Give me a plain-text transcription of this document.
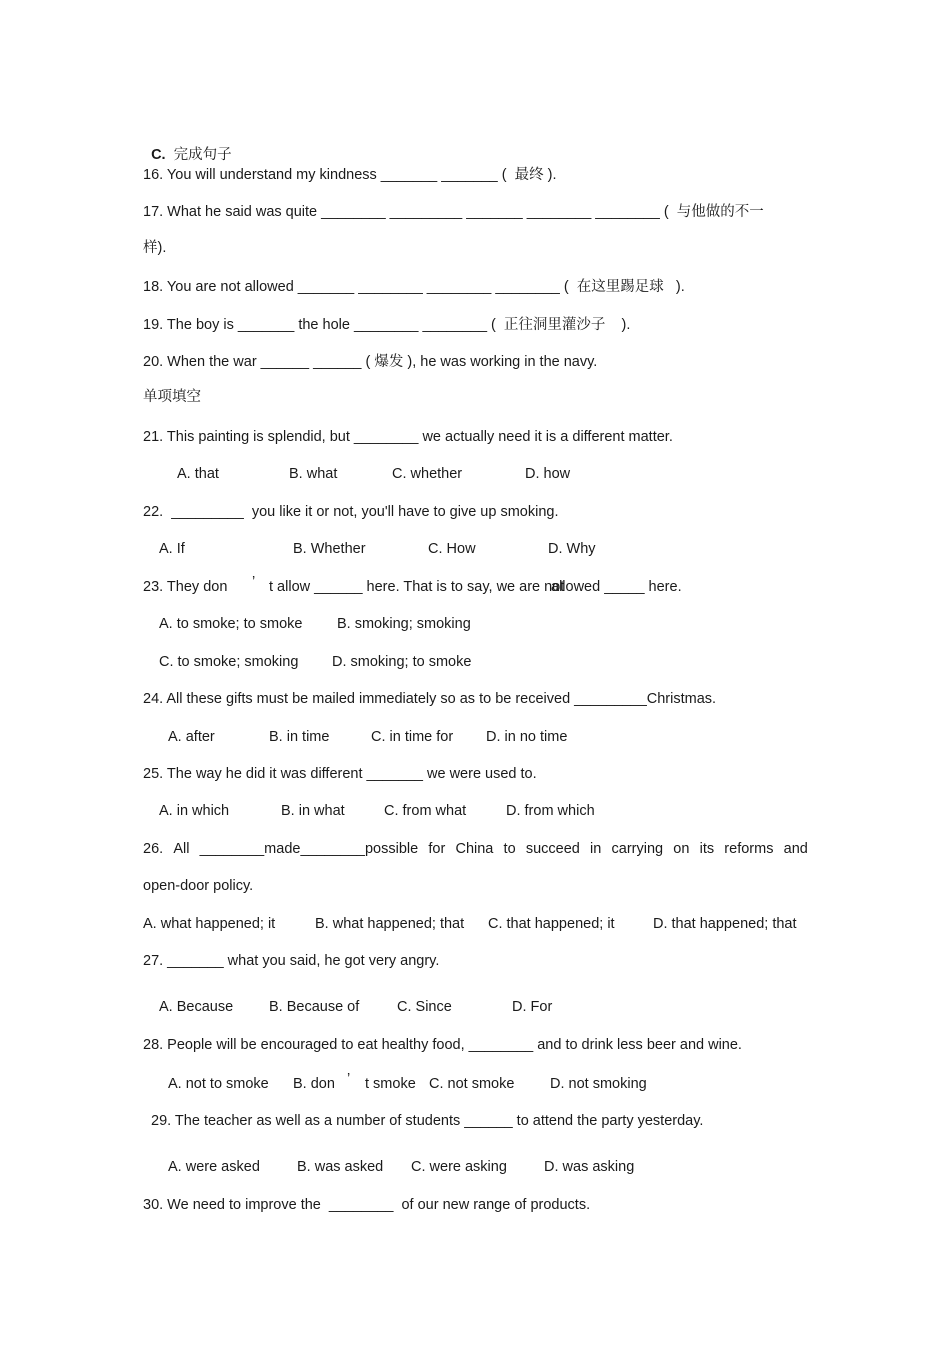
C. 完成句子

16. You will understand my kindness _______ _______ (  最终 ).
17. What he said was quite ________ _________ _______ ________ ________ (  与他做的不一
样).
18. You are not allowed _______ ________ ________ ________ (  在这里踢足球   ).
19. The boy is _______ the hole ________ ________ (  正往洞里灌沙子    ).
20. When the war ______ ______ ( 爆发 ), he was working in the navy.
单项填空
21. This painting is splendid, but ________ we actually need it is a different matter.
A. that	B. what	C. whether	D. how
22.  _________  you like it or not, you'll have to give up smoking.
A. If	B. Whether	C. How	D. Why
23. They don ’ t allow ______ here. That is to say, we are not
allowed _____ here.
A. to smoke; to smoke B. smoking; smoking
C. to smoke; smoking D. smoking; to smoke
24. All these gifts must be mailed immediately so as to be received _________Christmas.
A. after	B. in time	C. in time for D. in no time
25. The way he did it was different _______ we were used to.
A. in which	B. in what	C. from what	D. from which
26. All ________made________possible for China to succeed in carrying on its reforms and
open-door policy.
A. what happened; it	B. what happened; that C. that happened; it	D. that happened; that
27. _______ what you said, he got very angry.
A. Because B. Because of	C. Since	D. For
28. People will be encouraged to eat healthy food, ________ and to drink less beer and wine.
A. not to smoke B. don ’ t smoke C. not smoke D. not smoking
29. The teacher as well as a number of students ______ to attend the party yesterday.
A. were asked	B. was asked C. were asking	D. was asking
30. We need to improve the  ________  of our new range of products.
